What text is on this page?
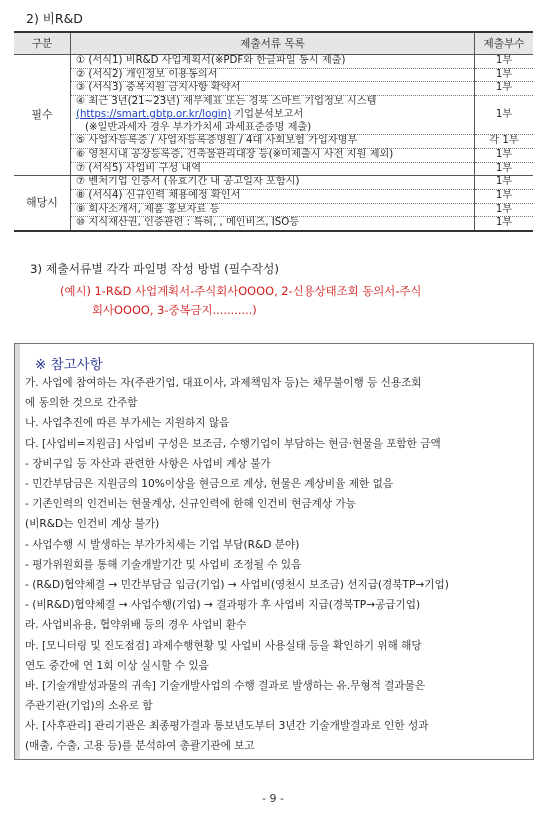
2) 비R&D
구분	제출서류 목록	제출부수
필수	① (서식1) 비R&D 사업계획서(※PDF와 한글파일 동시 제출)	1부
	② (서식2) 개인정보 이용동의서	1부
	③ (서식3) 중복지원 금지사항 확약서	1부
	④ 최근 3년(21~23년) 재무제표 또는 경북 스마트 기업정보 시스템	1부
	(https://smart.gbtp.or.kr/login) 기업분석보고서	
	(※일반과세자 경우 부가가치세 과세표준증명 제출)	
	⑤ 사업자등록증 / 사업자등록증명원 / 4대 사회보험 가입자명부	각 1부
	⑥ 영천시내 공장등록증, 건축물관리대장 등(※미제출시 사전 지원 제외)	1부
	⑦ (서식5) 사업비 구성 내역	1부
해당시	⑦ 벤처기업 인증서 (유효기간 내 공고일자 포함시)	1부
	⑧ (서식4) 신규인력 채용예정 확인서	1부
	⑨ 회사소개서, 제품 홍보자료 등	1부
	⑩ 지식재산권, 인증관련 : 특허, , 메인비즈, ISO등	1부
3) 제출서류별 각각 파일명 작성 방법 (필수작성)
(예시) 1-R&D 사업계획서-주식회사OOOO, 2-신용상태조회 동의서-주식
회사OOOO, 3-중복금지...........)
※ 참고사항
가. 사업에 참여하는 자(주관기업, 대표이사, 과제책임자 등)는 채무불이행 등 신용조회
에 동의한 것으로 간주함
나. 사업추진에 따른 부가세는 지원하지 않음
다. [사업비=지원금] 사업비 구성은 보조금, 수행기업이 부담하는 현금·현물을 포함한 금액
- 장비구입 등 자산과 관련한 사항은 사업비 계상 불가
- 민간부담금은 지원금의 10%이상을 현금으로 계상, 현물은 계상비율 제한 없음
- 기존인력의 인건비는 현물계상, 신규인력에 한해 인건비 현금계상 가능
(비R&D는 인건비 계상 불가)
- 사업수행 시 발생하는 부가가치세는 기업 부담(R&D 분야)
- 평가위원회를 통해 기술개발기간 및 사업비 조정될 수 있음
- (R&D)협약체결 → 민간부담금 입금(기업) → 사업비(영천시 보조금) 선지급(경북TP→기업)
- (비R&D)협약체결 → 사업수행(기업) → 결과평가 후 사업비 지급(경북TP→공급기업)
라. 사업비유용, 협약위배 등의 경우 사업비 환수
마. [모니터링 및 진도점검] 과제수행현황 및 사업비 사용실태 등을 확인하기 위해 해당
연도 중간에 연 1회 이상 실시할 수 있음
바. [기술개발성과물의 귀속] 기술개발사업의 수행 결과로 발생하는 유.무형적 결과물은
주관기관(기업)의 소유로 함
사. [사후관리] 관리기관은 최종평가결과 통보년도부터 3년간 기술개발결과로 인한 성과
(매출, 수출, 고용 등)를 분석하여 총괄기관에 보고
- 9 -
